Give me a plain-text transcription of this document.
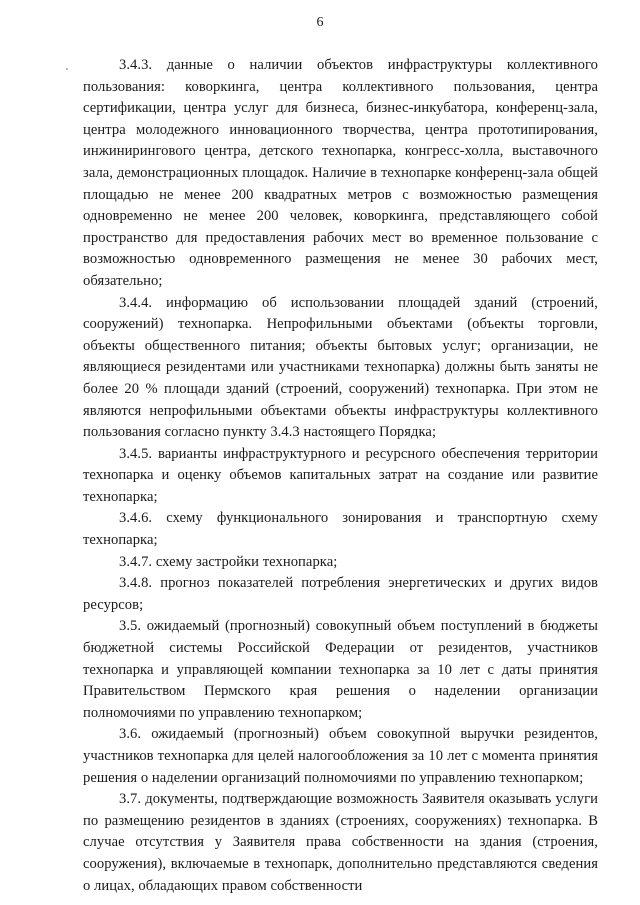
6

3.4.3. данные о наличии объектов инфраструктуры коллективного пользования: коворкинга, центра коллективного пользования, центра сертификации, центра услуг для бизнеса, бизнес-инкубатора, конференц-зала, центра молодежного инновационного творчества, центра прототипирования, инжинирингового центра, детского технопарка, конгресс-холла, выставочного зала, демонстрационных площадок. Наличие в технопарке конференц-зала общей площадью не менее 200 квадратных метров с возможностью размещения одновременно не менее 200 человек, коворкинга, представляющего собой пространство для предоставления рабочих мест во временное пользование с возможностью одновременного размещения не менее 30 рабочих мест, обязательно;

3.4.4. информацию об использовании площадей зданий (строений, сооружений) технопарка. Непрофильными объектами (объекты торговли, объекты общественного питания; объекты бытовых услуг; организации, не являющиеся резидентами или участниками технопарка) должны быть заняты не более 20 % площади зданий (строений, сооружений) технопарка. При этом не являются непрофильными объектами объекты инфраструктуры коллективного пользования согласно пункту 3.4.3 настоящего Порядка;

3.4.5. варианты инфраструктурного и ресурсного обеспечения территории технопарка и оценку объемов капитальных затрат на создание или развитие технопарка;

3.4.6. схему функционального зонирования и транспортную схему технопарка;

3.4.7. схему застройки технопарка;

3.4.8. прогноз показателей потребления энергетических и других видов ресурсов;

3.5. ожидаемый (прогнозный) совокупный объем поступлений в бюджеты бюджетной системы Российской Федерации от резидентов, участников технопарка и управляющей компании технопарка за 10 лет с даты принятия Правительством Пермского края решения о наделении организации полномочиями по управлению технопарком;

3.6. ожидаемый (прогнозный) объем совокупной выручки резидентов, участников технопарка для целей налогообложения за 10 лет с момента принятия решения о наделении организаций полномочиями по управлению технопарком;

3.7. документы, подтверждающие возможность Заявителя оказывать услуги по размещению резидентов в зданиях (строениях, сооружениях) технопарка. В случае отсутствия у Заявителя права собственности на здания (строения, сооружения), включаемые в технопарк, дополнительно представляются сведения о лицах, обладающих правом собственности
